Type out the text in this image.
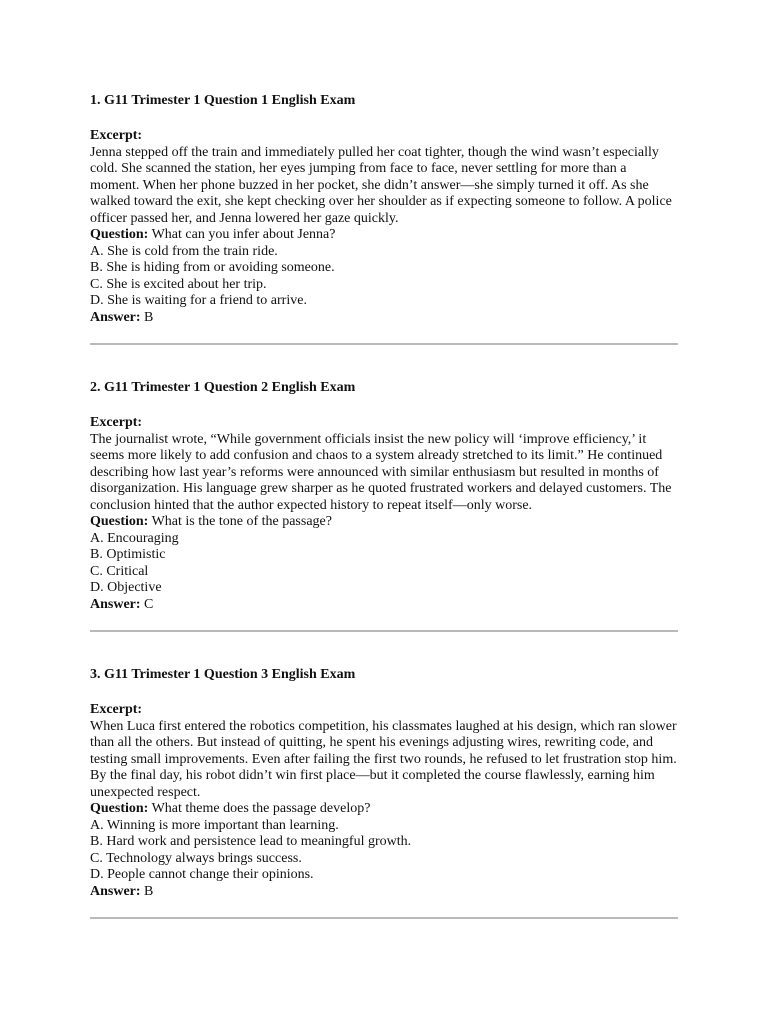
1. G11 Trimester 1 Question 1 English Exam
Excerpt:
Jenna stepped off the train and immediately pulled her coat tighter, though the wind wasn’t especially cold. She scanned the station, her eyes jumping from face to face, never settling for more than a moment. When her phone buzzed in her pocket, she didn’t answer—she simply turned it off. As she walked toward the exit, she kept checking over her shoulder as if expecting someone to follow. A police officer passed her, and Jenna lowered her gaze quickly.
Question: What can you infer about Jenna?
A. She is cold from the train ride.
B. She is hiding from or avoiding someone.
C. She is excited about her trip.
D. She is waiting for a friend to arrive.
Answer: B
2. G11 Trimester 1 Question 2 English Exam
Excerpt:
The journalist wrote, “While government officials insist the new policy will ‘improve efficiency,’ it seems more likely to add confusion and chaos to a system already stretched to its limit.” He continued describing how last year’s reforms were announced with similar enthusiasm but resulted in months of disorganization. His language grew sharper as he quoted frustrated workers and delayed customers. The conclusion hinted that the author expected history to repeat itself—only worse.
Question: What is the tone of the passage?
A. Encouraging
B. Optimistic
C. Critical
D. Objective
Answer: C
3. G11 Trimester 1 Question 3 English Exam
Excerpt:
When Luca first entered the robotics competition, his classmates laughed at his design, which ran slower than all the others. But instead of quitting, he spent his evenings adjusting wires, rewriting code, and testing small improvements. Even after failing the first two rounds, he refused to let frustration stop him. By the final day, his robot didn’t win first place—but it completed the course flawlessly, earning him unexpected respect.
Question: What theme does the passage develop?
A. Winning is more important than learning.
B. Hard work and persistence lead to meaningful growth.
C. Technology always brings success.
D. People cannot change their opinions.
Answer: B
